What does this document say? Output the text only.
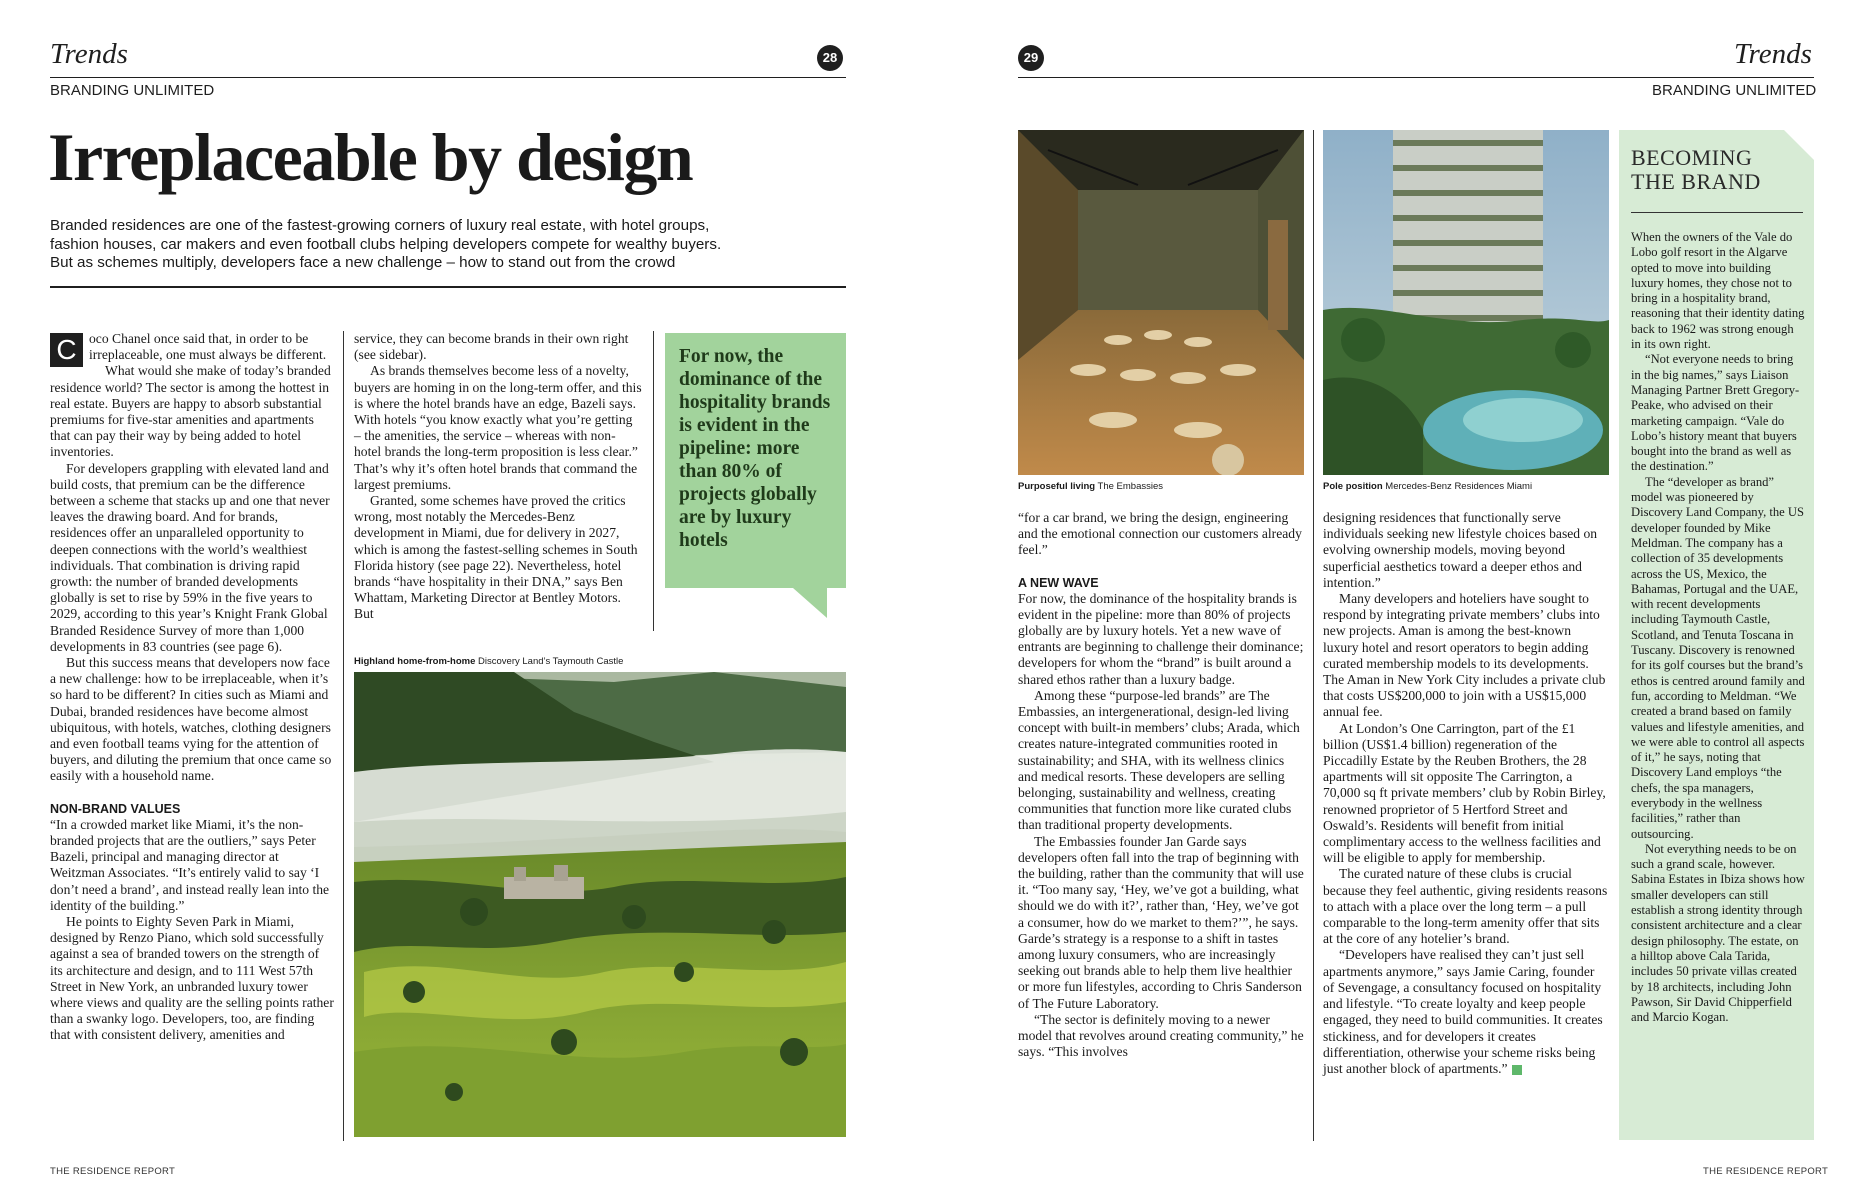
Trends	28
BRANDING UNLIMITED
Irreplaceable by design
Branded residences are one of the fastest-growing corners of luxury real estate, with hotel groups, fashion houses, car makers and even football clubs helping developers compete for wealthy buyers. But as schemes multiply, developers face a new challenge – how to stand out from the crowd
C oco Chanel once said that, in order to be irreplaceable, one must always be different.

What would she make of today’s branded residence world? The sector is among the hottest in real estate. Buyers are happy to absorb substantial premiums for five-star amenities and apartments that can pay their way by being added to hotel inventories.

For developers grappling with elevated land and build costs, that premium can be the difference between a scheme that stacks up and one that never leaves the drawing board. And for brands, residences offer an unparalleled opportunity to deepen connections with the world’s wealthiest individuals. That combination is driving rapid growth: the number of branded developments globally is set to rise by 59% in the five years to 2029, according to this year’s Knight Frank Global Branded Residence Survey of more than 1,000 developments in 83 countries (see page 6).

But this success means that developers now face a new challenge: how to be irreplaceable, when it’s so hard to be different? In cities such as Miami and Dubai, branded residences have become almost ubiquitous, with hotels, watches, clothing designers and even football teams vying for the attention of buyers, and diluting the premium that once came so easily with a household name.

NON-BRAND VALUES

“In a crowded market like Miami, it’s the non-branded projects that are the outliers,” says Peter Bazeli, principal and managing director at Weitzman Associates. “It’s entirely valid to say ‘I don’t need a brand’, and instead really lean into the identity of the building.”

He points to Eighty Seven Park in Miami, designed by Renzo Piano, which sold successfully against a sea of branded towers on the strength of its architecture and design, and to 111 West 57th Street in New York, an unbranded luxury tower where views and quality are the selling points rather than a swanky logo. Developers, too, are finding that with consistent delivery, amenities and

service, they can become brands in their own right (see sidebar).

As brands themselves become less of a novelty, buyers are homing in on the long-term offer, and this is where the hotel brands have an edge, Bazeli says. With hotels “you know exactly what you’re getting – the amenities, the service – whereas with non-hotel brands the long-term proposition is less clear.” That’s why it’s often hotel brands that command the largest premiums.

Granted, some schemes have proved the critics wrong, most notably the Mercedes-Benz development in Miami, due for delivery in 2027, which is among the fastest-selling schemes in South Florida history (see page 22). Nevertheless, hotel brands “have hospitality in their DNA,” says Ben Whattam, Marketing Director at Bentley Motors. But

For now, the dominance of the hospitality brands is evident in the pipeline: more than 80% of projects globally are by luxury hotels
Highland home-from-home Discovery Land’s Taymouth Castle
THE RESIDENCE REPORT
29	Trends
BRANDING UNLIMITED
Purposeful living The Embassies	Pole position Mercedes-Benz Residences Miami

“for a car brand, we bring the design, engineering and the emotional connection our customers already feel.”

A NEW WAVE

For now, the dominance of the hospitality brands is evident in the pipeline: more than 80% of projects globally are by luxury hotels. Yet a new wave of entrants are beginning to challenge their dominance; developers for whom the “brand” is built around a shared ethos rather than a luxury badge.

Among these “purpose-led brands” are The Embassies, an intergenerational, design-led living concept with built-in members’ clubs; Arada, which creates nature-integrated communities rooted in sustainability; and SHA, with its wellness clinics and medical resorts. These developers are selling belonging, sustainability and wellness, creating communities that function more like curated clubs than traditional property developments.

The Embassies founder Jan Garde says developers often fall into the trap of beginning with the building, rather than the community that will use it. “Too many say, ‘Hey, we’ve got a building, what should we do with it?’, rather than, ‘Hey, we’ve got a consumer, how do we market to them?’”, he says. Garde’s strategy is a response to a shift in tastes among luxury consumers, who are increasingly seeking out brands able to help them live healthier or more fun lifestyles, according to Chris Sanderson of The Future Laboratory.

“The sector is definitely moving to a newer model that revolves around creating community,” he says. “This involves

designing residences that functionally serve individuals seeking new lifestyle choices based on evolving ownership models, moving beyond superficial aesthetics toward a deeper ethos and intention.”

Many developers and hoteliers have sought to respond by integrating private members’ clubs into new projects. Aman is among the best-known luxury hotel and resort operators to begin adding curated membership models to its developments. The Aman in New York City includes a private club that costs US$200,000 to join with a US$15,000 annual fee.

At London’s One Carrington, part of the £1 billion (US$1.4 billion) regeneration of the Piccadilly Estate by the Reuben Brothers, the 28 apartments will sit opposite The Carrington, a 70,000 sq ft private members’ club by Robin Birley, renowned proprietor of 5 Hertford Street and Oswald’s. Residents will benefit from initial complimentary access to the wellness facilities and will be eligible to apply for membership.

The curated nature of these clubs is crucial because they feel authentic, giving residents reasons to attach with a place over the long term – a pull comparable to the long-term amenity offer that sits at the core of any hotelier’s brand.

“Developers have realised they can’t just sell apartments anymore,” says Jamie Caring, founder of Sevengage, a consultancy focused on hospitality and lifestyle. “To create loyalty and keep people engaged, they need to build communities. It creates stickiness, and for developers it creates differentiation, otherwise your scheme risks being just another block of apartments.”

BECOMING
THE BRAND

When the owners of the Vale do Lobo golf resort in the Algarve opted to move into building luxury homes, they chose not to bring in a hospitality brand, reasoning that their identity dating back to 1962 was strong enough in its own right.

“Not everyone needs to bring in the big names,” says Liaison Managing Partner Brett Gregory-Peake, who advised on their marketing campaign. “Vale do Lobo’s history meant that buyers bought into the brand as well as the destination.”

The “developer as brand” model was pioneered by Discovery Land Company, the US developer founded by Mike Meldman. The company has a collection of 35 developments across the US, Mexico, the Bahamas, Portugal and the UAE, with recent developments including Taymouth Castle, Scotland, and Tenuta Toscana in Tuscany. Discovery is renowned for its golf courses but the brand’s ethos is centred around family and fun, according to Meldman. “We created a brand based on family values and lifestyle amenities, and we were able to control all aspects of it,” he says, noting that Discovery Land employs “the chefs, the spa managers, everybody in the wellness facilities,” rather than outsourcing.

Not everything needs to be on such a grand scale, however. Sabina Estates in Ibiza shows how smaller developers can still establish a strong identity through consistent architecture and a clear design philosophy. The estate, on a hilltop above Cala Tarida, includes 50 private villas created by 18 architects, including John Pawson, Sir David Chipperfield and Marcio Kogan.

THE RESIDENCE REPORT
